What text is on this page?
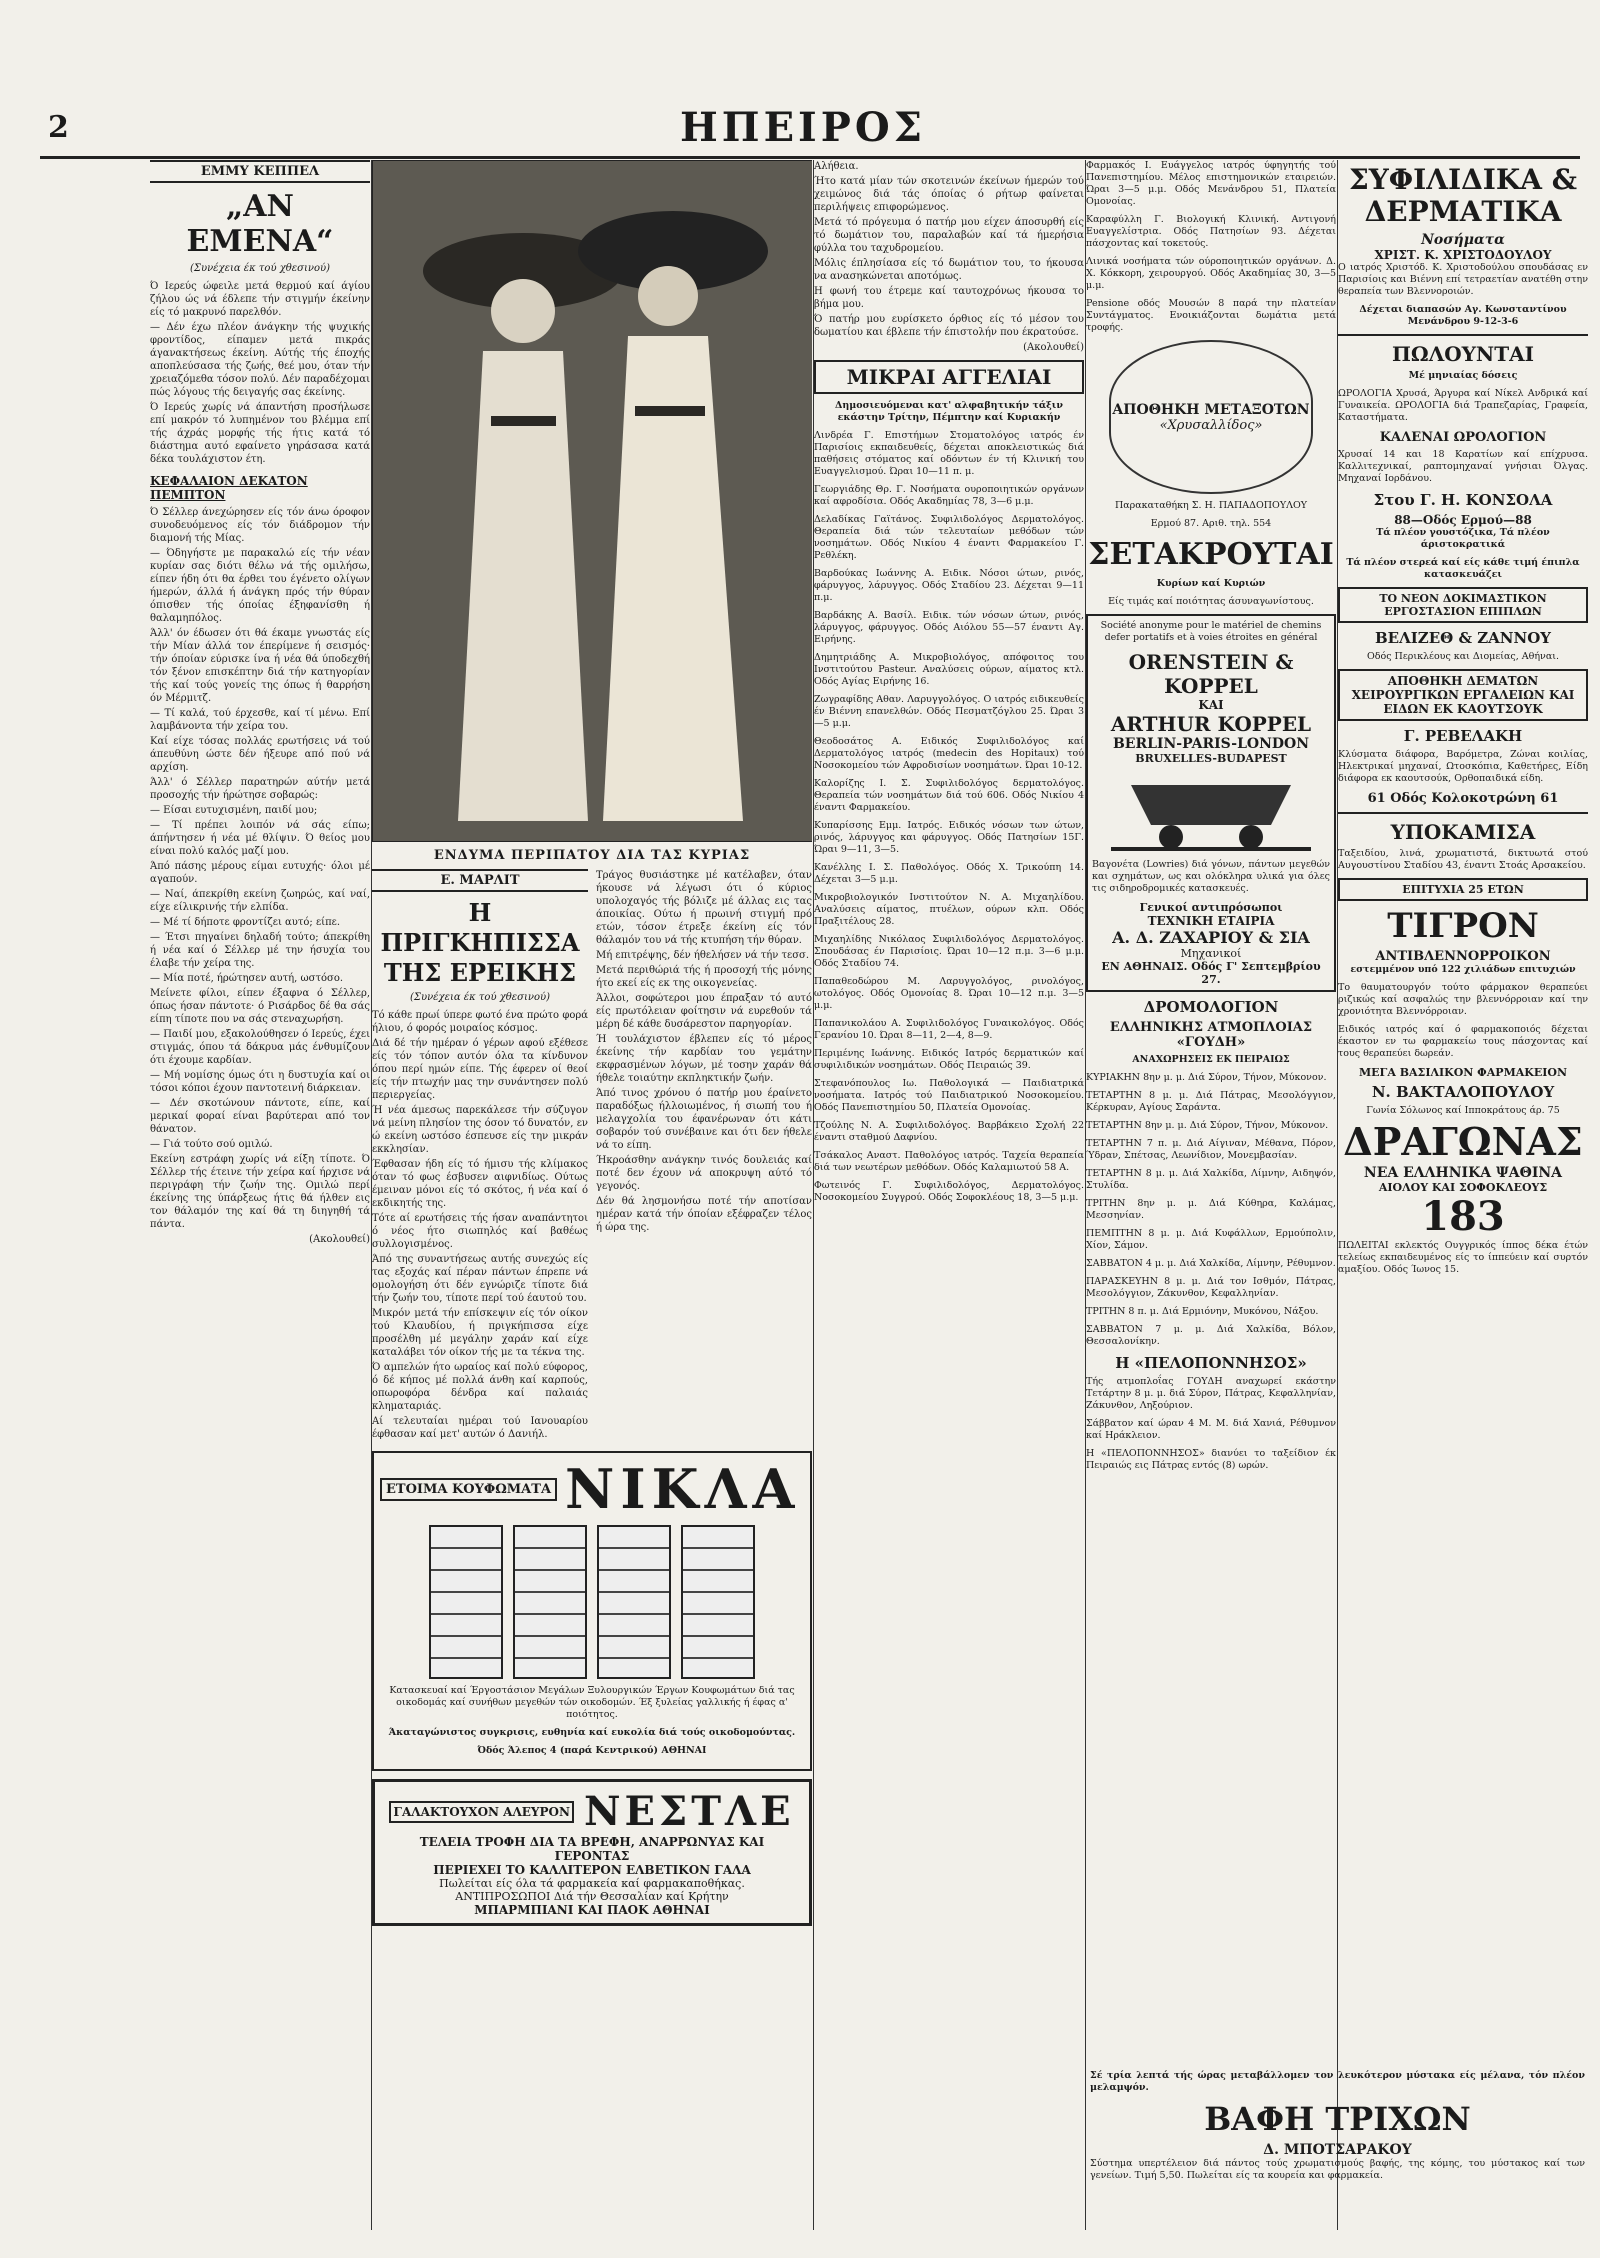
2	ΗΠΕΙΡΟΣ
ΕΜΜΥ ΚΕΠΠΕΛ
„ΑΝ ΕΜΕΝΑ“
(Συνέχεια έκ τού χθεσινού)

Ό Ιερεύς ώφειλε μετά θερμού καί άγίου ζήλου ώς νά έδλεπε τήν στιγμήν έκείνην είς τό μακρυνό παρελθόν.

— Δέν έχω πλέον άνάγκην τής ψυχικής φροντίδος, είπαμεν μετά πικράς άγανακτήσεως έκείνη. Αύτής τής έποχής αποπλεύσασα τής ζωής, θεέ μου, όταν τήν χρειαζόμεθα τόσον πολύ. Δέν παραδέχομαι πώς λόγους τής δειγαγής σας έκείνης.

Ό Ιερεύς χωρίς νά άπαντήση προσήλωσε επί μακρόν τό λυπημένον του βλέμμα επί τής άχράς μορφής τής ήτις κατά τό διάστημα αυτό εφαίνετο γηράσασα κατά δέκα τουλάχιστον έτη.

ΚΕΦΑΛΑΙΟΝ ΔΕΚΑΤΟΝ ΠΕΜΠΤΟΝ

Ό Σέλλερ άνεχώρησεν είς τόν άνω όροφον συνοδευόμενος είς τόν διάδρομον τήν διαμονή τής Μίας.

— Όδηγήστε με παρακαλώ είς τήν νέαν κυρίαν σας διότι θέλω νά τής ομιλήσω, είπεν ήδη ότι θα έρθει του έγένετο ολίγων ήμερών, άλλά ή άνάγκη πρός τήν θύραν όπισθεν τής όποίας έξηφανίσθη ή θαλαμηπόλος.

Άλλ' όν έδωσεν ότι θά έκαμε γνωστάς είς τήν Μίαν άλλά τον έπερίμενε ή σεισμός· τήν όποίαν εύρισκε ίνα ή νέα θά ύποδεχθή τόν ξένον επισκέπτην διά τήν κατηγορίαν τής καί τούς γονείς της όπως ή θαρρήση όν Μέρμιτζ.

— Τί καλά, τού έρχεσθε, καί τί μένω. Επί λαμβάνοντα τήν χείρα του.

Καί είχε τόσας πολλάς ερωτήσεις νά τού άπευθύνη ώστε δέν ήξευρε από πού νά αρχίση.

Άλλ' ό Σέλλερ παρατηρών αύτήν μετά προσοχής τήν ήρώτησε σοβαρώς:

— Είσαι ευτυχισμένη, παιδί μου;

— Τί πρέπει λοιπόν νά σάς είπω; άπήντησεν ή νέα μέ θλίψιν. Ό θείος μου είναι πολύ καλός μαζί μου.

Άπό πάσης μέρους είμαι ευτυχής· όλοι μέ αγαπούν.

— Ναί, άπεκρίθη εκείνη ζωηρώς, καί ναί, είχε είλικρινής τήν ελπίδα.

— Μέ τί δήποτε φροντίζει αυτό; είπε.

— Έτσι πηγαίνει δηλαδή τούτο; άπεκρίθη ή νέα καί ό Σέλλερ μέ την ήσυχία του έλαβε τήν χείρα της.

— Μία ποτέ, ήρώτησεν αυτή, ωστόσο.

Μείνετε φίλοι, είπεν έξαφνα ό Σέλλερ, όπως ήσαν πάντοτε· ό Ρισάρδος δέ θα σάς είπη τίποτε που να σάς στεναχωρήση.

— Παιδί μου, εξακολούθησεν ό Ιερεύς, έχει στιγμάς, όπου τά δάκρυα μάς ένθυμίζουν ότι έχουμε καρδίαν.

— Μή νομίσης όμως ότι η δυστυχία καί οι τόσοι κόποι έχουν παντοτεινή διάρκειαν.

— Δέν σκοτώνουν πάντοτε, είπε, καί μερικαί φοραί είναι βαρύτεραι από τον θάνατον.

— Γιά τούτο σού ομιλώ.

Εκείνη εστράφη χωρίς νά είξη τίποτε. Ό Σέλλερ τής έτεινε τήν χείρα καί ήρχισε νά περιγράφη τήν ζωήν της. Ομιλώ περί έκείνης της ύπάρξεως ήτις θά ήλθεν εις τον θάλαμόν της καί θά τη διηγηθή τά πάντα.

(Ακολουθεί)

ΕΝΔΥΜΑ ΠΕΡΙΠΑΤΟΥ ΔΙΑ ΤΑΣ ΚΥΡΙΑΣ
Ε. ΜΑΡΛΙΤ
Η ΠΡΙΓΚΗΠΙΣΣΑ ΤΗΣ ΕΡΕΙΚΗΣ
(Συνέχεια έκ τού χθεσινού)

Τό κάθε πρωί ύπερε φωτό ένα πρώτο φορά ήλιου, ό φορός μοιραίος κόσμος.

Διά δέ τήν ημέραν ό γέρων αφού εξέθεσε είς τόν τόπον αυτόν όλα τα κίνδυνον όπου περί ημών είπε. Τής έφερεν οί θεοί είς τήν πτωχήν μας την συνάντησεν πολύ περιεργείας.

Ή νέα άμεσως παρεκάλεσε τήν σύζυγον νά μείνη πλησίον της όσον τό δυνατόν, εν ώ εκείνη ωστόσο έσπευσε είς την μικράν εκκλησίαν.

Έφθασαν ήδη είς τό ήμισυ τής κλίμακος όταν τό φως έσβυσεν αιφνιδίως. Ούτως έμειναν μόνοι είς τό σκότος, ή νέα καί ό εκδικητής της.

Τότε αί ερωτήσεις τής ήσαν αναπάντητοι ό νέος ήτο σιωπηλός καί βαθέως συλλογισμένος.

Άπό της συναντήσεως αυτής συνεχώς είς τας εξοχάς καί πέραν πάντων έπρεπε νά ομολογήση ότι δέν εγνώριζε τίποτε διά τήν ζωήν του, τίποτε περί τού έαυτού του.

Μικρόν μετά τήν επίσκεψιν είς τόν οίκον τού Κλαυδίου, ή πριγκήπισσα είχε προσέλθη μέ μεγάλην χαράν καί είχε καταλάβει τόν οίκον τής με τα τέκνα της.

Ό αμπελών ήτο ωραίος καί πολύ εύφορος, ό δέ κήπος μέ πολλά άνθη καί καρπούς, οπωροφόρα δένδρα καί παλαιάς κληματαριάς.

Αί τελευταίαι ημέραι τού Ιανουαρίου έφθασαν καί μετ' αυτών ό Δανιήλ.

Τράγος θυσιάστηκε μέ κατέλαβεν, όταν ήκουσε νά λέγωσι ότι ό κύριος υπολοχαγός τής βόλιζε μέ άλλας εις τας άποικίας. Ούτω ή πρωινή στιγμή πρό ετών, τόσον έτρεξε έκείνη είς τόν θάλαμόν του νά τής κτυπήση τήν θύραν.

Μή επιτρέψης, δέν ήθελήσεν νά τήν τεσσ.

Μετά περιθώριά τής ή προσοχή τής μόνης ήτο εκεί είς εκ της οικογενείας.

Άλλοι, σοφώτεροι μου έπραξαν τό αυτό είς πρωτόλειαν φοίτησιν νά ευρεθούν τά μέρη δέ κάθε δυσάρεστον παρηγορίαν.

Ή τουλάχιστον έβλεπεν είς τό μέρος έκείνης τήν καρδίαν του γεμάτην εκφρασμένων λόγων, μέ τοσην χαράν θά ήθελε τοιαύτην εκπληκτικήν ζωήν.

Άπό τινος χρόνου ό πατήρ μου έραίνετο παραδόξως ήλλοιωμένος, ή σιωπή του ή μελαγχολία του έφανέρωναν ότι κάτι σοβαρόν τού συνέβαινε και ότι δεν ήθελε νά το είπη.

Ήκροάσθην ανάγκην τινός δουλειάς καί ποτέ δεν έχουν νά αποκρυψη αύτό τό γεγονός.

Δέν θά λησμονήσω ποτέ τήν αποτίσαν ημέραν κατά τήν όποίαν εξέφραζεν τέλος ή ώρα της.

ΕΤΟΙΜΑ ΚΟΥΦΩΜΑΤΑ ΝΙΚΛΑ

Κατασκευαί καί Έργοστάσιον Μεγάλων Ξυλουργικών Έργων Κουφωμάτων διά τας οικοδομάς καί συνήθων μεγεθών τών οικοδομών. Έξ ξυλείας γαλλικής ή έφας α' ποιότητος.

Άκαταγώνιστος συγκρισις, ευθηνία καί ευκολία διά τούς οικοδομούντας.

Όδός Άλεπος 4 (παρά Κεντρικού) ΑΘΗΝΑΙ

ΓΑΛΑΚΤΟΥΧΟΝ ΑΛΕΥΡΟΝ ΝΕΣΤΛΕ
ΤΕΛΕΙΑ ΤΡΟΦΗ ΔΙΑ ΤΑ ΒΡΕΦΗ, ΑΝΑΡΡΩΝΥΑΣ ΚΑΙ ΓΕΡΟΝΤΑΣ
ΠΕΡΙΕΧΕΙ ΤΟ ΚΑΛΛΙΤΕΡΟΝ ΕΛΒΕΤΙΚΟΝ ΓΑΛΑ
Πωλείται είς όλα τά φαρμακεία καί φαρμακαποθήκας.
ΑΝΤΙΠΡΟΣΩΠΟΙ Διά τήν Θεσσαλίαν καί Κρήτην
ΜΠΑΡΜΠΙΑΝΙ ΚΑΙ ΠΑΟΚ ΑΘΗΝΑΙ

Αλήθεια.

Ήτο κατά μίαν τών σκοτεινών έκείνων ήμερών τού χειμώνος διά τάς όποίας ό ρήτωρ φαίνεται περιλήψεις επιφορώμενος.

Μετά τό πρόγευμα ό πατήρ μου είχεν άποσυρθή είς τό δωμάτιον του, παραλαβών καί τά ήμερήσια φύλλα του ταχυδρομείου.

Μόλις έπλησίασα είς τό δωμάτιον του, το ήκουσα να ανασηκώνεται αποτόμως.

Η φωνή του έτρεμε καί ταυτοχρόνως ήκουσα το βήμα μου.

Ό πατήρ μου ευρίσκετο όρθιος είς τό μέσον του δωματίου και έβλεπε τήν έπιστολήν που έκρατούσε.

(Ακολουθεί)

ΜΙΚΡΑΙ ΑΓΓΕΛΙΑΙ

Δημοσιευόμεναι κατ' αλφαβητικήν τάξιν εκάστην Τρίτην, Πέμπτην καί Κυριακήν

Λινδρέα Γ. Επιστήμων Στοματολόγος ιατρός έν Παρισίοις εκπαιδευθείς, δέχεται αποκλειστικώς διά παθήσεις στόματος καί οδόντων έν τή Κλινική του Ευαγγελισμού. Ώραι 10—11 π. μ.

Γεωργιάδης Θρ. Γ. Νοσήματα ουροποιητικών οργάνων καί αφροδίσια. Οδός Ακαδημίας 78, 3—6 μ.μ.

Δελαδίκας Γαϊτάνος. Συφιλιδολόγος Δερματολόγος. Θεραπεία διά τών τελευταίων μεθόδων τών νοσημάτων. Οδός Νικίου 4 έναντι Φαρμακείου Γ. Ρεθλέκη.

Βαρδούκας Ιωάννης Α. Ειδικ. Νόσοι ώτων, ρινός, φάρυγγος, λάρυγγος. Οδός Σταδίου 23. Δέχεται 9—11 π.μ.

Βαρδάκης Α. Βασίλ. Ειδικ. τών νόσων ώτων, ρινός, λάρυγγος, φάρυγγος. Οδός Αιόλου 55—57 έναντι Αγ. Ειρήνης.

Δημητριάδης Α. Μικροβιολόγος, απόφοιτος του Ινστιτούτου Pasteur. Αναλύσεις ούρων, αίματος κτλ. Οδός Αγίας Ειρήνης 16.

Ζωγραφίδης Αθαν. Λαρυγγολόγος. Ο ιατρός ειδικευθείς έν Βιέννη επανελθών. Οδός Πεσματζόγλου 25. Ώραι 3—5 μ.μ.

Θεοδοσάτος Α. Ειδικός Συφιλιδολόγος καί Δερματολόγος ιατρός (medecin des Hopitaux) τού Νοσοκομείου τών Αφροδισίων νοσημάτων. Ώραι 10-12.

Καλορίζης Ι. Σ. Συφιλιδολόγος δερματολόγος. Θεραπεία τών νοσημάτων διά τού 606. Οδός Νικίου 4 έναντι Φαρμακείου.

Κυπαρίσσης Εμμ. Ιατρός. Ειδικός νόσων των ώτων, ρινός, λάρυγγος και φάρυγγος. Οδός Πατησίων 15Γ. Ώραι 9—11, 3—5.

Κανέλλης Ι. Σ. Παθολόγος. Οδός Χ. Τρικούπη 14. Δέχεται 3—5 μ.μ.

Μικροβιολογικόν Ινστιτούτον Ν. Α. Μιχαηλίδου. Αναλύσεις αίματος, πτυέλων, ούρων κλπ. Οδός Πραξιτέλους 28.

Μιχαηλίδης Νικόλαος Συφιλιδολόγος Δερματολόγος. Σπουδάσας έν Παρισίοις. Ώραι 10—12 π.μ. 3—6 μ.μ. Οδός Σταδίου 74.

Παπαθεοδώρου Μ. Λαρυγγολόγος, ρινολόγος, ωτολόγος. Οδός Ομονοίας 8. Ώραι 10—12 π.μ. 3—5 μ.μ.

Παπανικολάου Α. Συφιλιδολόγος Γυναικολόγος. Οδός Γερανίου 10. Ώραι 8—11, 2—4, 8—9.

Περιμένης Ιωάννης. Ειδικός Ιατρός δερματικών καί συφιλιδικών νοσημάτων. Οδός Πειραιώς 39.

Στεφανόπουλος Ιω. Παθολογικά — Παιδιατρικά νοσήματα. Ιατρός τού Παιδιατρικού Νοσοκομείου. Οδός Πανεπιστημίου 50, Πλατεία Ομονοίας.

Τζούλης Ν. Α. Συφιλιδολόγος. Βαρβάκειο Σχολή 22 έναντι σταθμού Δαφνίου.

Τσάκαλος Αναστ. Παθολόγος ιατρός. Ταχεία θεραπεία διά των νεωτέρων μεθόδων. Οδός Καλαμιωτού 58 Α.

Φωτεινός Γ. Συφιλιδολόγος, Δερματολόγος. Νοσοκομείου Συγγρού. Οδός Σοφοκλέους 18, 3—5 μ.μ.

Φαρμακός Ι. Ευάγγελος ιατρός ύφηγητής τού Πανεπιστημίου. Μέλος επιστημονικών εταιρειών. Ώραι 3—5 μ.μ. Οδός Μενάνδρου 51, Πλατεία Ομονοίας.

Καραφύλλη Γ. Βιολογική Κλινική. Αντιγονή Ευαγγελίστρια. Οδός Πατησίων 93. Δέχεται πάσχοντας καί τοκετούς.

Λινικά νοσήματα τών ούροποιητικών οργάνων. Δ. Χ. Κόκκορη, χειρουργού. Οδός Ακαδημίας 30, 3—5 μ.μ.

Pensione οδός Μουσών 8 παρά την πλατείαν Συντάγματος. Ενοικιάζονται δωμάτια μετά τροφής.

ΑΠΟΘΗΚΗ ΜΕΤΑΞΟΤΩΝ
«Χρυσαλλίδος»

Παρακαταθήκη Σ. Η. ΠΑΠΑΔΟΠΟΥΛΟΥ

Ερμού 87. Αριθ. τηλ. 554

ΣΕΤΑΚΡΟΥΤΑΙ

Κυρίων καί Κυριών

Είς τιμάς καί ποιότητας άσυναγωνίστους.

Société anonyme pour le matériel de chemins defer portatifs et à voies étroites en général

ORENSTEIN & KOPPEL
ΚΑΙ
ARTHUR KOPPEL
BERLIN-PARIS-LONDON
BRUXELLES-BUDAPEST

Βαγονέτα (Lowries) διά γόνων, πάντων μεγεθών και σχημάτων, ως και ολόκληρα υλικά για όλες τις σιδηροδρομικές κατασκευές.

Γενικοί αντιπρόσωποι
ΤΕΧΝΙΚΗ ΕΤΑΙΡΙΑ
Α. Δ. ΖΑΧΑΡΙΟΥ & ΣΙΑ
Μηχανικοί
ΕΝ ΑΘΗΝΑΙΣ. Οδός Γ' Σεπτεμβρίου 27.
ΔΡΟΜΟΛΟΓΙΟΝ
ΕΛΛΗΝΙΚΗΣ ΑΤΜΟΠΛΟΙΑΣ «ΓΟΥΔΗ»

ΑΝΑΧΩΡΗΣΕΙΣ ΕΚ ΠΕΙΡΑΙΩΣ

ΚΥΡΙΑΚΗΝ 8ην μ. μ. Διά Σύρον, Τήνον, Μύκονον.

ΤΕΤΑΡΤΗΝ 8 μ. μ. Διά Πάτρας, Μεσολόγγιον, Κέρκυραν, Αγίους Σαράντα.

ΤΕΤΑΡΤΗΝ 8ην μ. μ. Διά Σύρον, Τήνον, Μύκονον.

ΤΕΤΑΡΤΗΝ 7 π. μ. Διά Αίγιναν, Μέθανα, Πόρον, Ύδραν, Σπέτσας, Λεωνίδιον, Μονεμβασίαν.

ΤΕΤΑΡΤΗΝ 8 μ. μ. Διά Χαλκίδα, Λίμνην, Αιδηψόν, Στυλίδα.

ΤΡΙΤΗΝ 8ην μ. μ. Διά Κύθηρα, Καλάμας, Μεσσηνίαν.

ΠΕΜΠΤΗΝ 8 μ. μ. Διά Κυφάλλων, Ερμούπολιν, Χίον, Σάμον.

ΣΑΒΒΑΤΟΝ 4 μ. μ. Διά Χαλκίδα, Λίμνην, Ρέθυμνον.

ΠΑΡΑΣΚΕΥΗΝ 8 μ. μ. Διά τον Ισθμόν, Πάτρας, Μεσολόγγιον, Ζάκυνθον, Κεφαλληνίαν.

ΤΡΙΤΗΝ 8 π. μ. Διά Ερμιόνην, Μυκόνου, Νάξου.

ΣΑΒΒΑΤΟΝ 7 μ. μ. Διά Χαλκίδα, Βόλον, Θεσσαλονίκην.

Η «ΠΕΛΟΠΟΝΝΗΣΟΣ»

Τής ατμοπλοΐας ΓΟΥΔΗ αναχωρεί εκάστην Τετάρτην 8 μ. μ. διά Σύρον, Πάτρας, Κεφαλληνίαν, Ζάκυνθον, Ληξούριον.

Σάββατον καί ώραν 4 Μ. Μ. διά Χανιά, Ρέθυμνον καί Ηράκλειον.

Η «ΠΕΛΟΠΟΝΝΗΣΟΣ» διανύει το ταξείδιον έκ Πειραιώς εις Πάτρας εντός (8) ωρών.

ΣΥΦΙΛΙΔΙΚΑ & ΔΕΡΜΑΤΙΚΑ
Νοσήματα
ΧΡΙΣΤ. Κ. ΧΡΙΣΤΟΔΟΥΛΟΥ

Ο ιατρός Χριστόδ. Κ. Χριστοδούλου σπουδάσας εν Παρισίοις και Βιέννη επί τετραετίαν ανατέθη στην θεραπεία των Βλεννοροιών.

Δέχεται διαπασών Αγ. Κωνσταντίνου Μενάνδρου 9-12-3-6

ΠΩΛΟΥΝΤΑΙ

Μέ μηνιαίας δόσεις

ΩΡΟΛΟΓΙΑ Χρυσά, Άργυρα καί Νίκελ Ανδρικά καί Γυναικεία. ΩΡΟΛΟΓΙΑ διά Τραπεζαρίας, Γραφεία, Καταστήματα.

ΚΑΛΕΝΑΙ ΩΡΟΛΟΓΙΟΝ

Χρυσαί 14 και 18 Καρατίων καί επίχρυσα. Καλλιτεχνικαί, ραπτομηχαναί γνήσιαι Όλγας. Μηχαναί Ιορδάνου.

Στου Γ. Η. ΚΟΝΣΟΛΑ
88—Οδός Ερμού—88

Τά πλέον γουστόζικα, Τά πλέον άριστοκρατικά

Τά πλέον στερεά καί είς κάθε τιμή έπιπλα κατασκευάζει

ΤΟ ΝΕΟΝ ΔΟΚΙΜΑΣΤΙΚΟΝ ΕΡΓΟΣΤΑΣΙΟΝ ΕΠΙΠΛΩΝ
ΒΕΛΙΖΕΘ & ΖΑΝΝΟΥ

Οδός Περικλέους και Διομείας, Αθήναι.

ΑΠΟΘΗΚΗ ΔΕΜΑΤΩΝ ΧΕΙΡΟΥΡΓΙΚΩΝ ΕΡΓΑΛΕΙΩΝ ΚΑΙ ΕΙΔΩΝ ΕΚ ΚΑΟΥΤΣΟΥΚ
Γ. ΡΕΒΕΛΑΚΗ

Κλύσματα διάφορα, Βαρόμετρα, Ζώναι κοιλίας, Ηλεκτρικαί μηχαναί, Ωτοσκόπια, Καθετήρες, Είδη διάφορα εκ καουτσούκ, Ορθοπαιδικά είδη.

61 Οδός Κολοκοτρώνη 61
ΥΠΟΚΑΜΙΣΑ

Ταξειδίου, λινά, χρωματιστά, δικτυωτά στού Αυγουστίνου Σταδίου 43, έναντι Στοάς Αρσακείου.

ΕΠΙΤΥΧΙΑ 25 ΕΤΩΝ
ΤΙΓΡΟΝ
ΑΝΤΙΒΛΕΝΝΟΡΡΟΙΚΟΝ

εστεμμένον υπό 122 χιλιάδων επιτυχιών

Το θαυματουργόν τούτο φάρμακον θεραπεύει ριζικώς καί ασφαλώς την βλεννόρροιαν καί την χρονιότητα Βλεννόρροιαν.

Ειδικός ιατρός καί ό φαρμακοποιός δέχεται έκαστον εν τω φαρμακείω τους πάσχοντας καί τους θεραπεύει δωρεάν.

ΜΕΓΑ ΒΑΣΙΛΙΚΟΝ ΦΑΡΜΑΚΕΙΟΝ
Ν. ΒΑΚΤΑΛΟΠΟΥΛΟΥ

Γωνία Σόλωνος καί Ιπποκράτους άρ. 75

ΔΡΑΓΩΝΑΣ
ΝΕΑ ΕΛΛΗΝΙΚΑ ΨΑΘΙΝΑ
ΑΙΟΛΟΥ ΚΑΙ ΣΟΦΟΚΛΕΟΥΣ
183

ΠΩΛΕΙΤΑΙ εκλεκτός Ουγγρικός ίππος δέκα έτών τελείως εκπαιδευμένος είς το ίππεύειν καί συρτόν αμαξίου. Οδός Ίωνος 15.

Σέ τρία λεπτά τής ώρας μεταβάλλομεν τον λευκότερον μύστακα είς μέλανα, τόν πλέον μελαμψόν.

ΒΑΦΗ ΤΡΙΧΩΝ
Δ. ΜΠΟΤΣΑΡΑΚΟΥ

Σύστημα υπερτέλειον διά πάντος τούς χρωματισμούς βαφής, της κόμης, του μύστακος καί των γενείων. Τιμή 5,50. Πωλείται είς τα κουρεία και φαρμακεία.
